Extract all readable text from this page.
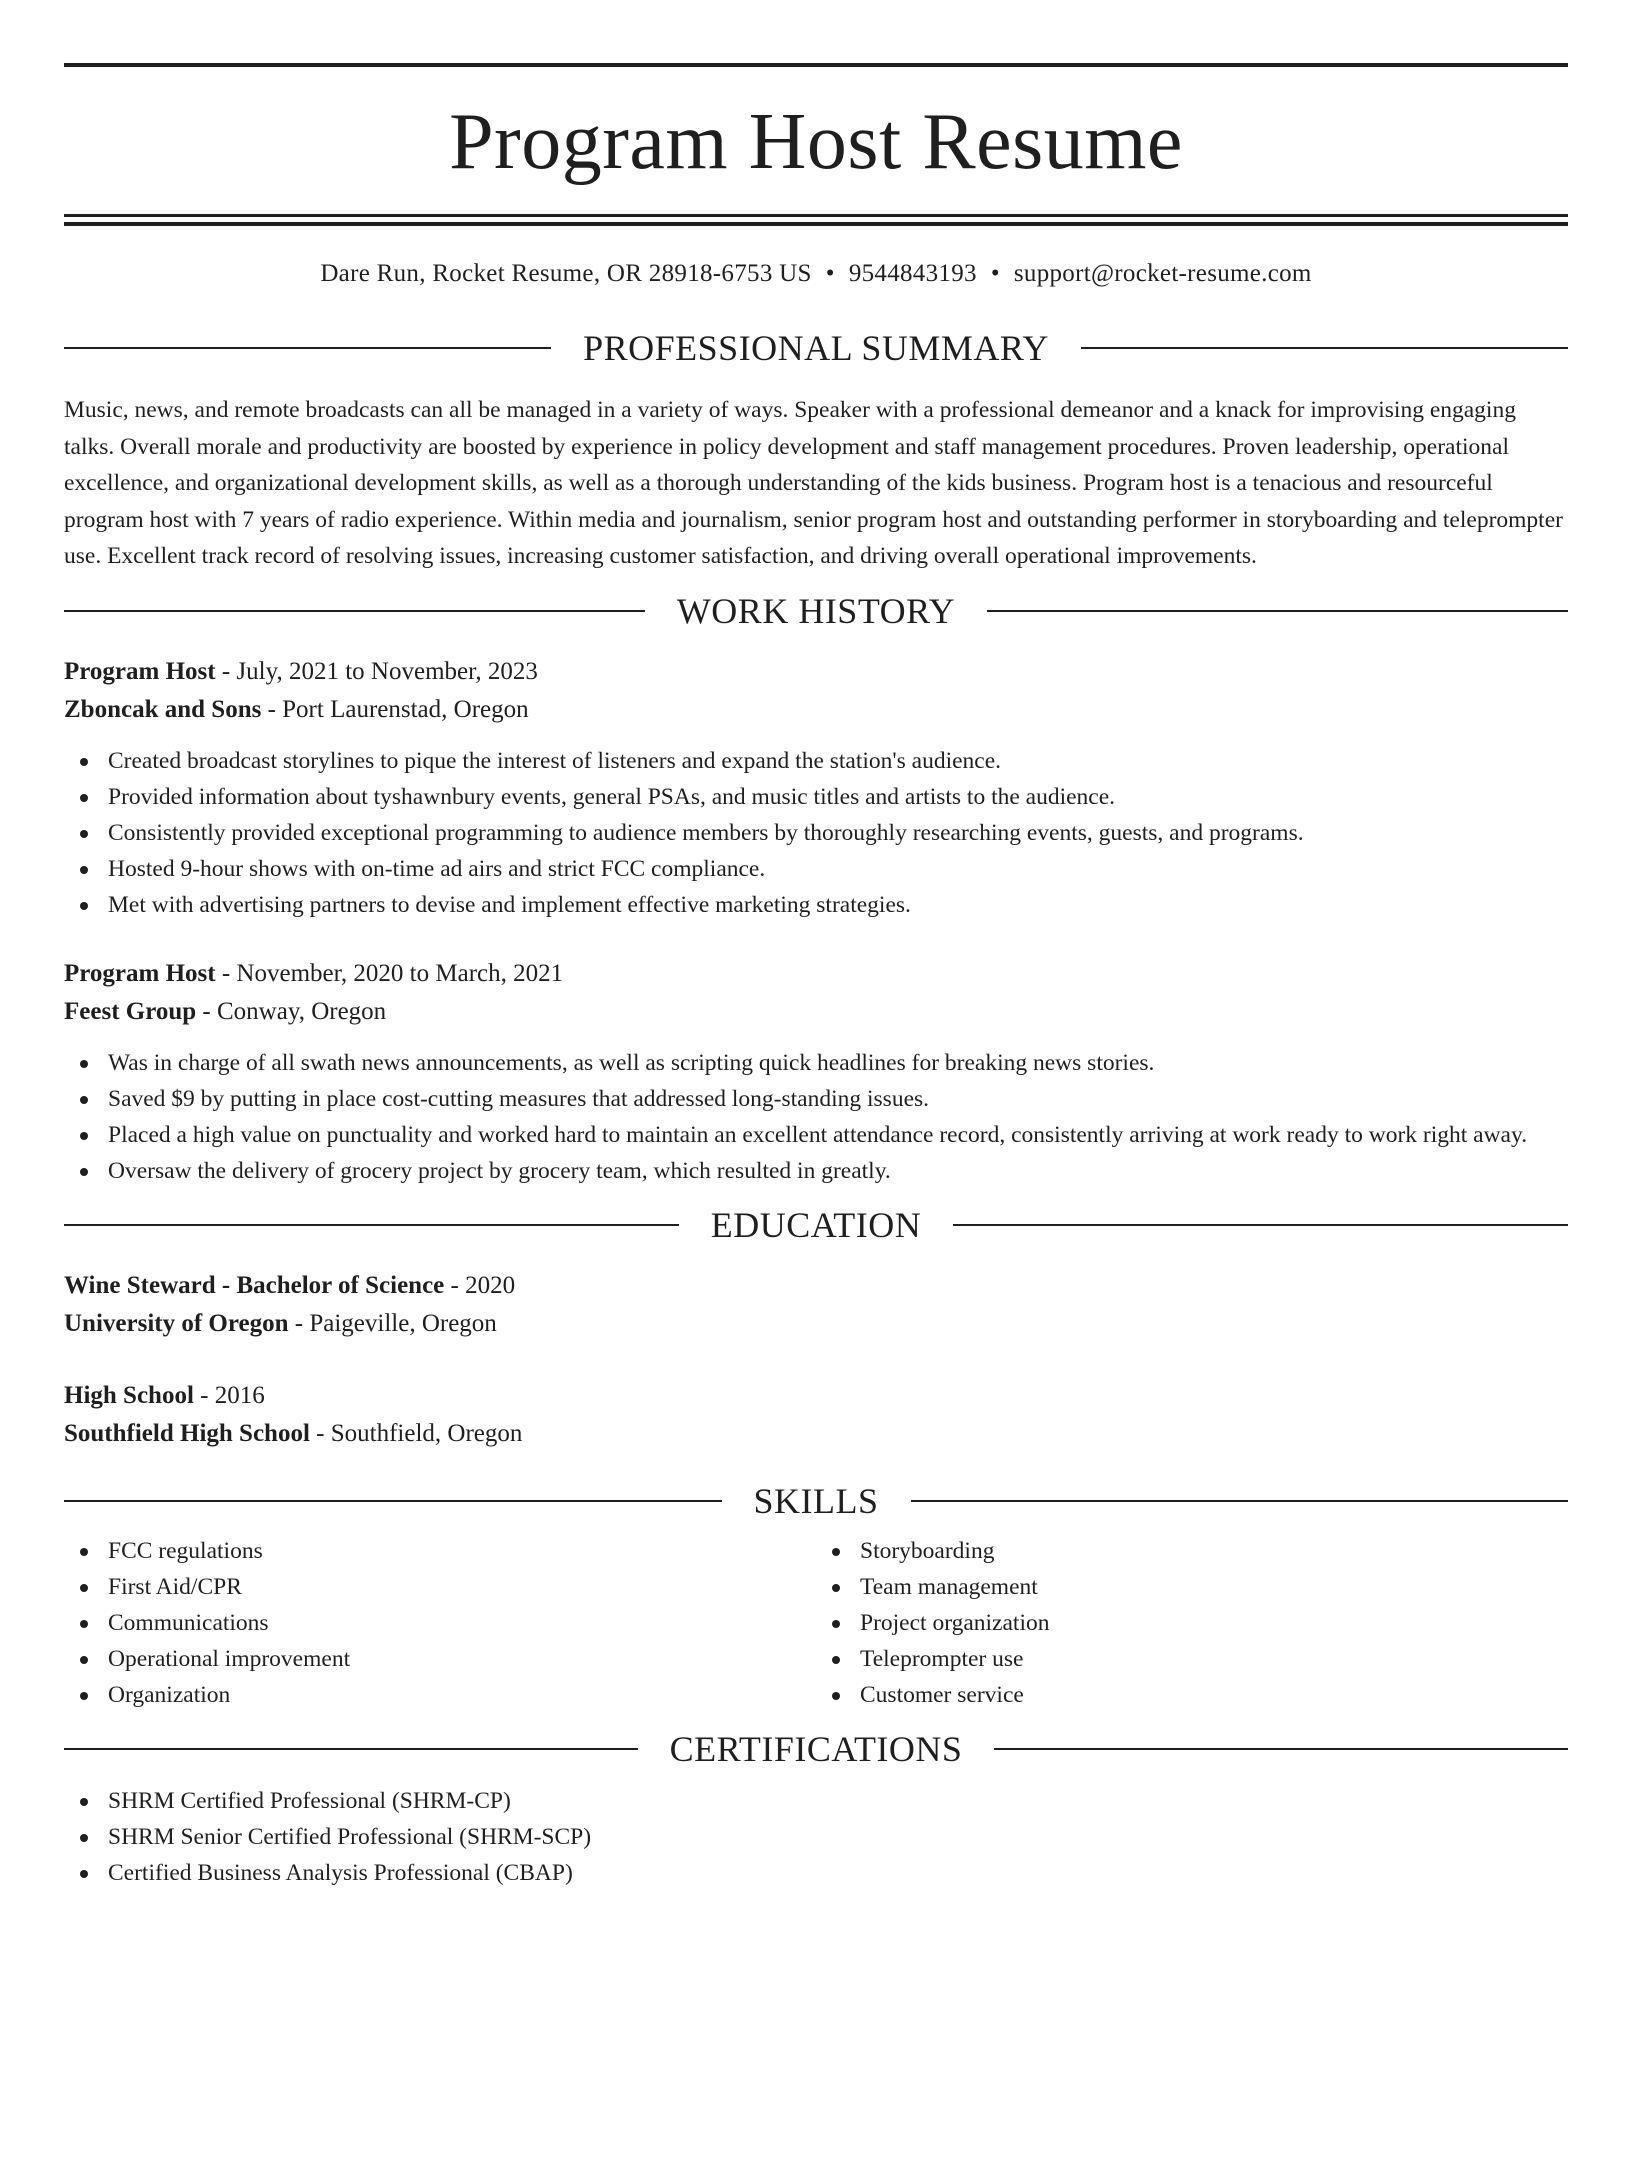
Program Host Resume
Dare Run, Rocket Resume, OR 28918-6753 US • 9544843193 • support@rocket-resume.com
PROFESSIONAL SUMMARY

Music, news, and remote broadcasts can all be managed in a variety of ways. Speaker with a professional demeanor and a knack for improvising engaging talks. Overall morale and productivity are boosted by experience in policy development and staff management procedures. Proven leadership, operational excellence, and organizational development skills, as well as a thorough understanding of the kids business. Program host is a tenacious and resourceful program host with 7 years of radio experience. Within media and journalism, senior program host and outstanding performer in storyboarding and teleprompter use. Excellent track record of resolving issues, increasing customer satisfaction, and driving overall operational improvements.

WORK HISTORY
Program Host - July, 2021 to November, 2023
Zboncak and Sons - Port Laurenstad, Oregon
Created broadcast storylines to pique the interest of listeners and expand the station's audience.
Provided information about tyshawnbury events, general PSAs, and music titles and artists to the audience.
Consistently provided exceptional programming to audience members by thoroughly researching events, guests, and programs.
Hosted 9-hour shows with on-time ad airs and strict FCC compliance.
Met with advertising partners to devise and implement effective marketing strategies.
Program Host - November, 2020 to March, 2021
Feest Group - Conway, Oregon
Was in charge of all swath news announcements, as well as scripting quick headlines for breaking news stories.
Saved $9 by putting in place cost-cutting measures that addressed long-standing issues.
Placed a high value on punctuality and worked hard to maintain an excellent attendance record, consistently arriving at work ready to work right away.
Oversaw the delivery of grocery project by grocery team, which resulted in greatly.
EDUCATION
Wine Steward - Bachelor of Science - 2020
University of Oregon - Paigeville, Oregon
High School - 2016
Southfield High School - Southfield, Oregon
SKILLS
FCC regulations
First Aid/CPR
Communications
Operational improvement
Organization
Storyboarding
Team management
Project organization
Teleprompter use
Customer service
CERTIFICATIONS
SHRM Certified Professional (SHRM-CP)
SHRM Senior Certified Professional (SHRM-SCP)
Certified Business Analysis Professional (CBAP)
